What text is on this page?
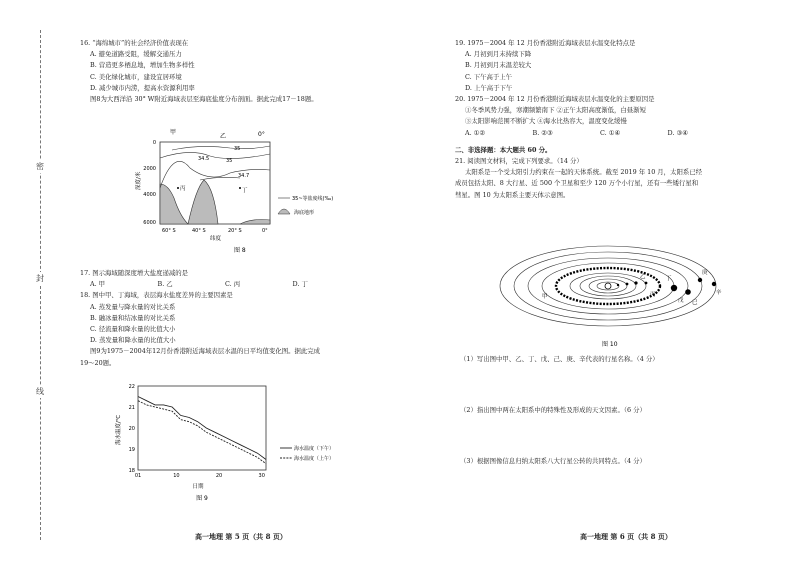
密
封
线

16. “海绵城市”的社会经济价值表现在

A. 避免道路受阻，缓解交通压力

B. 营造更多栖息地，增加生物多样性

C. 美化绿化城市，建设宜居环境

D. 减少城市内涝，提高水资源利用率

图8为大西洋沿 30° W附近海域表层至海底盐度分布剖面。据此完成17－18题。

甲
乙	0°
深度/米
34.5
35
35
34.7
丙	丁
0
2000
4000
6000
60° S	40° S	20° S	0°
纬度
35~等盐度线(‰)
海底地形
图 8

17. 图示海域随深度增大盐度递减的是

A. 甲	B. 乙	C. 丙	D. 丁

18. 图中甲、丁海域，表层海水盐度差异的主要因素是

A. 蒸发量与降水量的对比关系

B. 融冰量和结冰量的对比关系

C. 径流量和降水量的比值大小

D. 蒸发量和降水量的比值大小

图9为1975－2004年12月份香港附近海域表层水温的日平均值变化图。据此完成

19～20题。

海水温度/℃
日期
18
19
20
21
22
01	10	20	30
海水温度（下午）
海水温度（上午）
图 9
高一地理 第 5 页（共 8 页）

19. 1975－2004 年 12 月份香港附近海域表层水温变化特点是

A. 月初到月末持续下降

B. 月初到月末温差较大

C. 下午高于上午

D. 上午高于下午

20. 1975－2004 年 12 月份香港附近海域表层水温变化的主要原因是

①冬季风势力强，寒潮频繁南下 ②正午太阳高度渐低，白昼渐短

③太阳影响范围不断扩大 ④海水比热容大，温度变化缓慢

A. ①②	B. ②③	C. ①④	D. ③④

二、非选择题：本大题共 60 分。

21. 阅读图文材料，完成下列要求。（14 分）

太阳系是一个受太阳引力约束在一起的天体系统。截至 2019 年 10 月，太阳系已经

成员包括太阳、8 大行星、近 500 个卫星和至少 120 万个小行星，还有一些矮行星和

彗星。图 10 为太阳系主要天体示意图。

甲
乙
丙
丁
戊 己
庚
辛
图 10

（1）写出图中甲、乙、丁、戊、己、庚、辛代表的行星名称。（4 分）

（2）指出图中两在太阳系中的特殊性及形成的天文因素。（6 分）

（3）根据图像信息归纳太阳系八大行星公转的共同特点。（4 分）

高一地理 第 6 页（共 8 页）
